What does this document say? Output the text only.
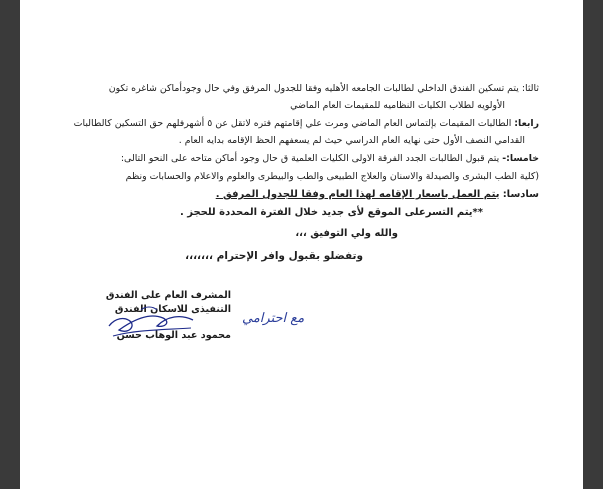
ثالثا: يتم تسكين الفندق الداخلي لطالبات الجامعه الأهليه وفقا للجدول المرفق وفي حال وجودأماكن شاغره تكون
الأولويه لطلاب الكليات النظاميه للمقيمات العام الماضي
رابعا: الطالبات المقيمات بإلتماس العام الماضي ومرت علي إقامتهم فتره لاتقل عن ٥ أشهرفلهم حق التسكين كالطالبات
القدامي النصف الأول حتى نهايه العام الدراسي حيث لم يسعفهم الحظ الإقامه بدايه العام .
خامسا:- يتم قبول الطالبات الجدد الفرقة الاولى الكليات العلمية ق حال وجود أماكن متاحه على النحو التالى:
(كلية الطب البشرى والصيدلة والاسنان والعلاج الطبيعى والطب والبيطرى والعلوم والاعلام والحسابات ونظم
سادسا: يتم العمل باسعار الإقامه لهذا العام وفقا للجدول المرفق .
**يتم التسرعلى الموقع لأى جديد خلال الفترة المحددة للحجز .
والله ولي التوفيق ،،،
وتفضلو بقبول وافر الإحترام ،،،،،،،
المشرف العام على الفندق
التنفيذى للاسكان الفندق
محمود عبد الوهاب حسن
مع احترامي
